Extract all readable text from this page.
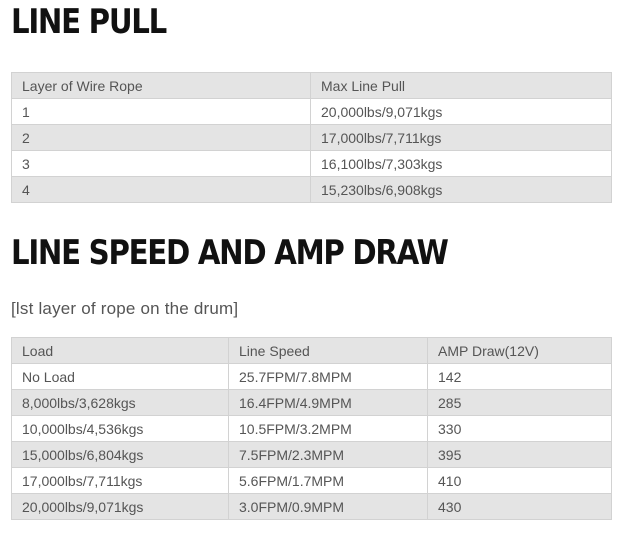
LINE PULL
Layer of Wire Rope	Max Line Pull
1	20,000lbs/9,071kgs
2	17,000lbs/7,711kgs
3	16,100lbs/7,303kgs
4	15,230lbs/6,908kgs
LINE SPEED AND AMP DRAW
[lst layer of rope on the drum]
Load	Line Speed	AMP Draw(12V)
No Load	25.7FPM/7.8MPM	142
8,000lbs/3,628kgs	16.4FPM/4.9MPM	285
10,000lbs/4,536kgs	10.5FPM/3.2MPM	330
15,000lbs/6,804kgs	7.5FPM/2.3MPM	395
17,000lbs/7,711kgs	5.6FPM/1.7MPM	410
20,000lbs/9,071kgs	3.0FPM/0.9MPM	430
